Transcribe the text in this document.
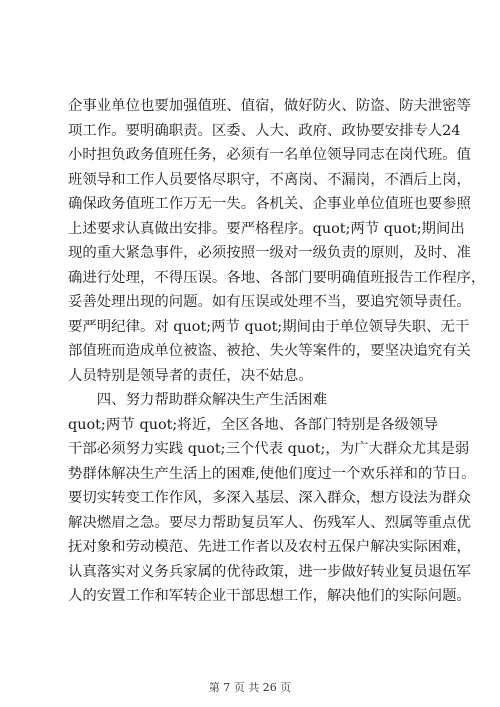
企事业单位也要加强值班、值宿，做好防火、防盗、防夫泄密等
项工作。要明确职责。区委、人大、政府、政协要安排专人24
小时担负政务值班任务，必须有一名单位领导同志在岗代班。值
班领导和工作人员要恪尽职守，不离岗、不漏岗，不酒后上岗，
确保政务值班工作万无一失。各机关、企事业单位值班也要参照
上述要求认真做出安排。要严格程序。quot;两节 quot;期间出
现的重大紧急事件，必须按照一级对一级负责的原则，及时、准
确进行处理，不得压误。各地、各部门要明确值班报告工作程序，
妥善处理出现的问题。如有压误或处理不当，要追究领导责任。
要严明纪律。对 quot;两节 quot;期间由于单位领导失职、无干
部值班而造成单位被盗、被抢、失火等案件的，要坚决追究有关
人员特别是领导者的责任，决不姑息。
四、努力帮助群众解决生产生活困难
quot;两节 quot;将近，全区各地、各部门特别是各级领导
干部必须努力实践 quot;三个代表 quot;，为广大群众尤其是弱
势群体解决生产生活上的困难,使他们度过一个欢乐祥和的节日。
要切实转变工作作风，多深入基层、深入群众，想方设法为群众
解决燃眉之急。要尽力帮助复员军人、伤残军人、烈属等重点优
抚对象和劳动模范、先进工作者以及农村五保户解决实际困难，
认真落实对义务兵家属的优待政策，进一步做好转业复员退伍军
人的安置工作和军转企业干部思想工作，解决他们的实际问题。
第 7 页 共 26 页
